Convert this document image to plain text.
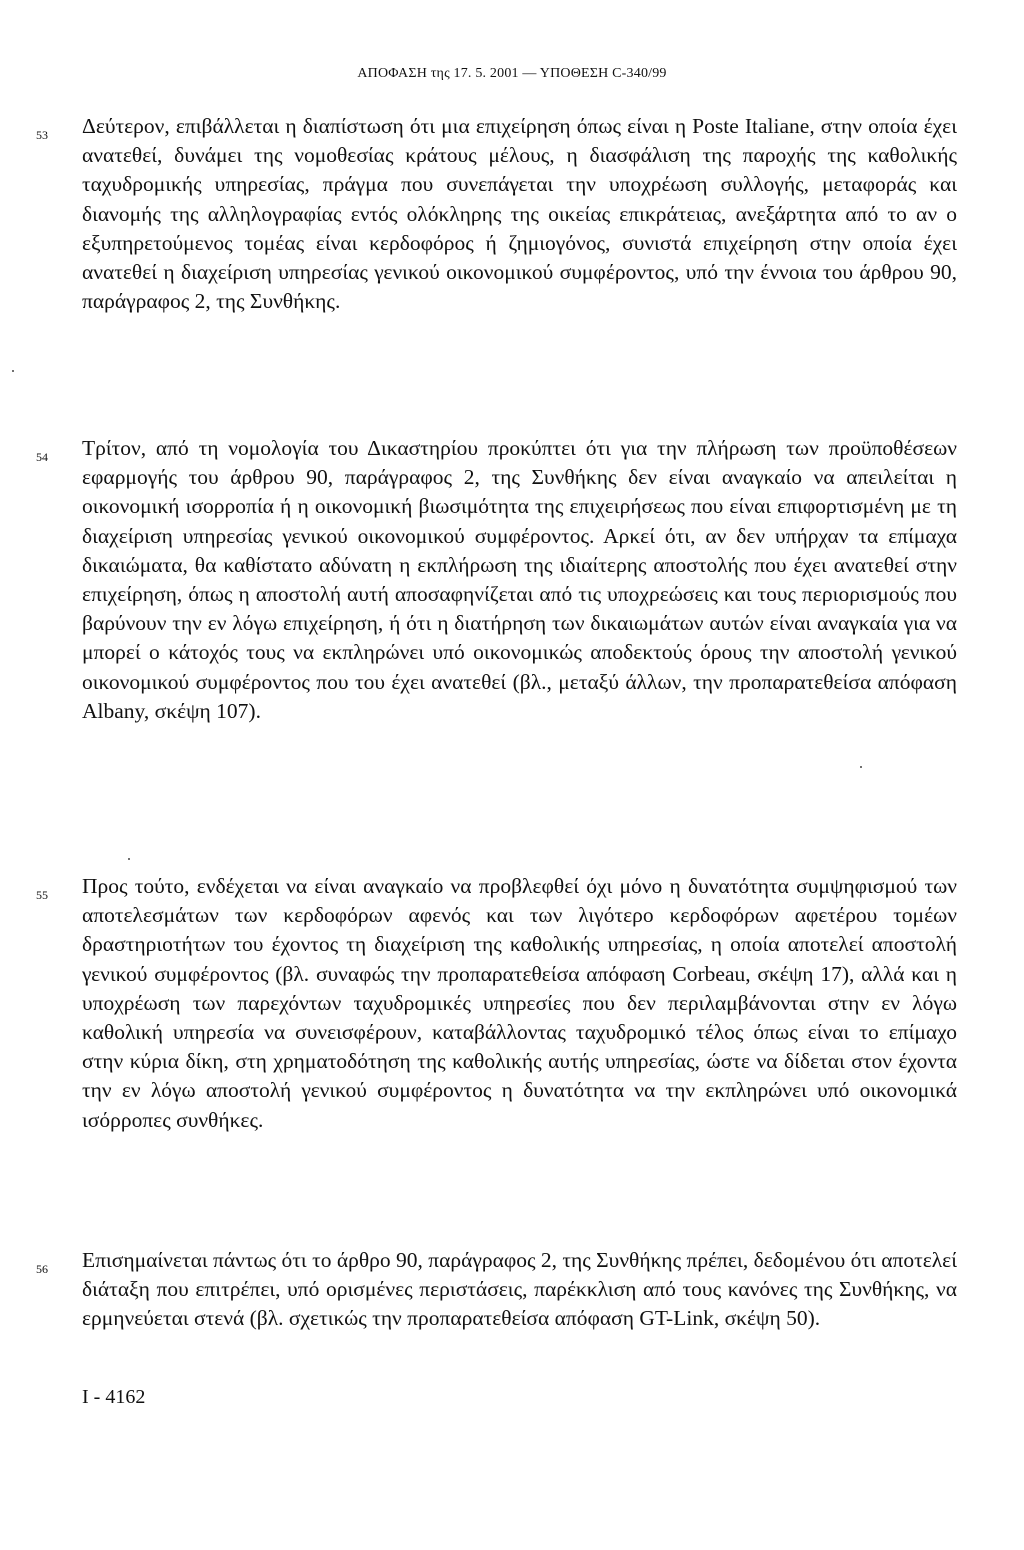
ΑΠΟΦΑΣΗ της 17. 5. 2001 — ΥΠΟΘΕΣΗ C-340/99
53 Δεύτερον, επιβάλλεται η διαπίστωση ότι μια επιχείρηση όπως είναι η Poste Italiane, στην οποία έχει ανατεθεί, δυνάμει της νομοθεσίας κράτους μέλους, η διασφάλιση της παροχής της καθολικής ταχυδρομικής υπηρεσίας, πράγμα που συνεπάγεται την υποχρέωση συλλογής, μεταφοράς και διανομής της αλληλογραφίας εντός ολόκληρης της οικείας επικράτειας, ανεξάρτητα από το αν ο εξυπηρετούμενος τομέας είναι κερδοφόρος ή ζημιογόνος, συνιστά επιχείρηση στην οποία έχει ανατεθεί η διαχείριση υπηρεσίας γενικού οικονομικού συμφέροντος, υπό την έννοια του άρθρου 90, παράγραφος 2, της Συνθήκης.
54 Τρίτον, από τη νομολογία του Δικαστηρίου προκύπτει ότι για την πλήρωση των προϋποθέσεων εφαρμογής του άρθρου 90, παράγραφος 2, της Συνθήκης δεν είναι αναγκαίο να απειλείται η οικονομική ισορροπία ή η οικονομική βιωσιμότητα της επιχειρήσεως που είναι επιφορτισμένη με τη διαχείριση υπηρεσίας γενικού οικονομικού συμφέροντος. Αρκεί ότι, αν δεν υπήρχαν τα επίμαχα δικαιώματα, θα καθίστατο αδύνατη η εκπλήρωση της ιδιαίτερης αποστολής που έχει ανατεθεί στην επιχείρηση, όπως η αποστολή αυτή αποσαφηνίζεται από τις υποχρεώσεις και τους περιορισμούς που βαρύνουν την εν λόγω επιχείρηση, ή ότι η διατήρηση των δικαιωμάτων αυτών είναι αναγκαία για να μπορεί ο κάτοχός τους να εκπληρώνει υπό οικονομικώς αποδεκτούς όρους την αποστολή γενικού οικονομικού συμφέροντος που του έχει ανατεθεί (βλ., μεταξύ άλλων, την προπαρατεθείσα απόφαση Albany, σκέψη 107).
55 Προς τούτο, ενδέχεται να είναι αναγκαίο να προβλεφθεί όχι μόνο η δυνατότητα συμψηφισμού των αποτελεσμάτων των κερδοφόρων αφενός και των λιγότερο κερδοφόρων αφετέρου τομέων δραστηριοτήτων του έχοντος τη διαχείριση της καθολικής υπηρεσίας, η οποία αποτελεί αποστολή γενικού συμφέροντος (βλ. συναφώς την προπαρατεθείσα απόφαση Corbeau, σκέψη 17), αλλά και η υποχρέωση των παρεχόντων ταχυδρομικές υπηρεσίες που δεν περιλαμβάνονται στην εν λόγω καθολική υπηρεσία να συνεισφέρουν, καταβάλλοντας ταχυδρομικό τέλος όπως είναι το επίμαχο στην κύρια δίκη, στη χρηματοδότηση της καθολικής αυτής υπηρεσίας, ώστε να δίδεται στον έχοντα την εν λόγω αποστολή γενικού συμφέροντος η δυνατότητα να την εκπληρώνει υπό οικονομικά ισόρροπες συνθήκες.
56 Επισημαίνεται πάντως ότι το άρθρο 90, παράγραφος 2, της Συνθήκης πρέπει, δεδομένου ότι αποτελεί διάταξη που επιτρέπει, υπό ορισμένες περιστάσεις, παρέκκλιση από τους κανόνες της Συνθήκης, να ερμηνεύεται στενά (βλ. σχετικώς την προπαρατεθείσα απόφαση GT-Link, σκέψη 50).
I - 4162
